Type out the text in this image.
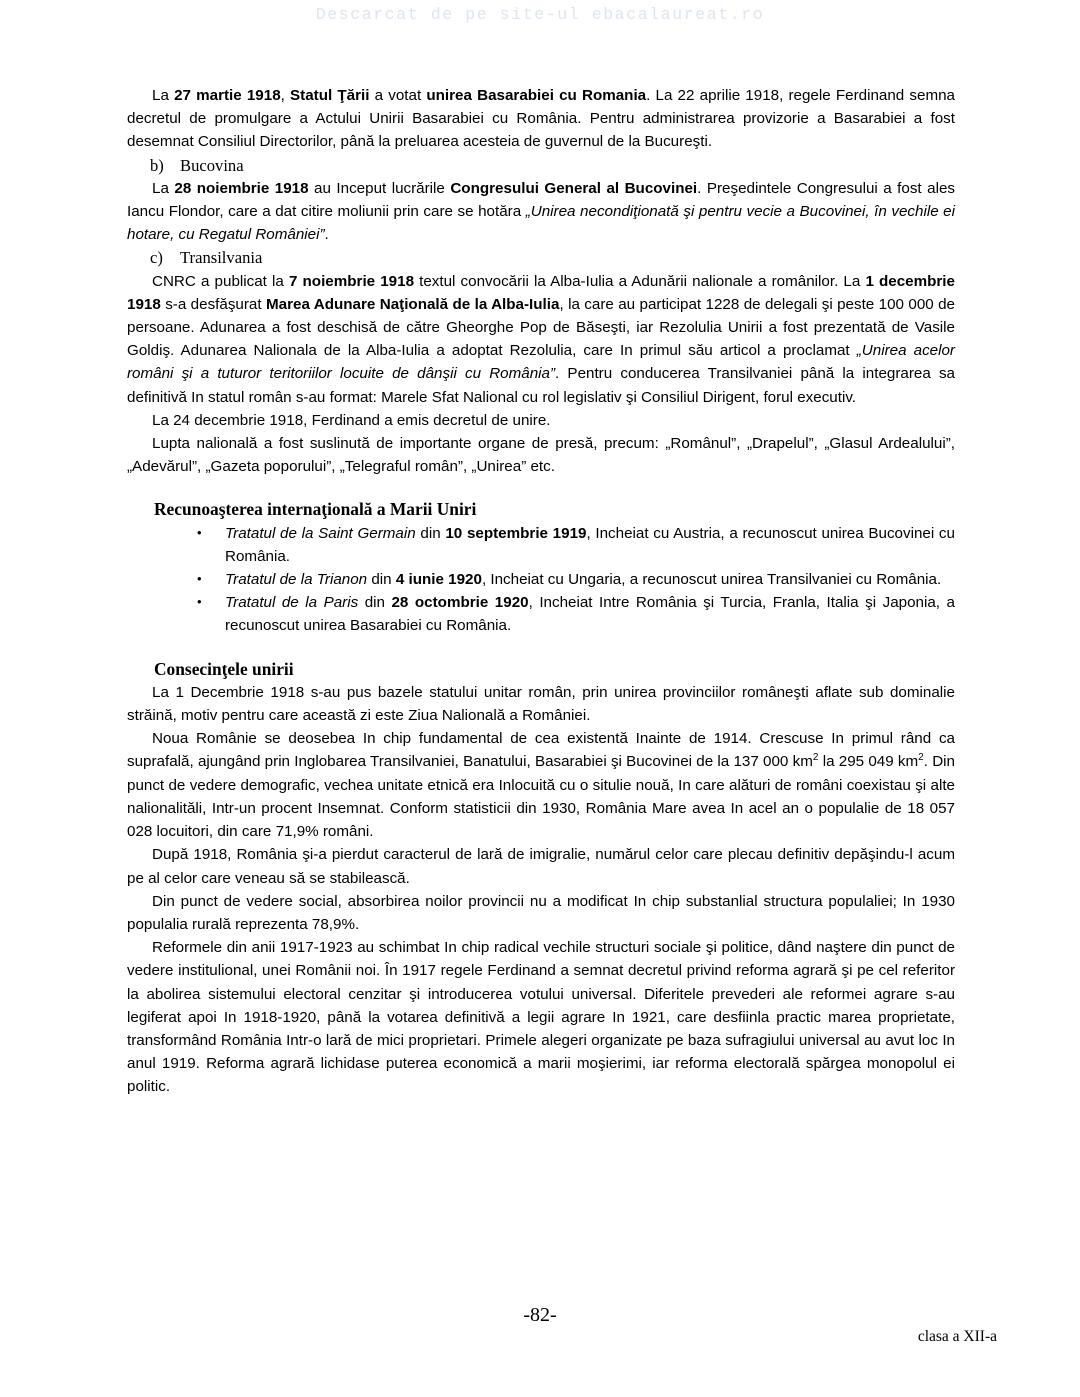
Descarcat de pe site-ul ebacalaureat.ro

La 27 martie 1918, Statul Ţării a votat unirea Basarabiei cu Romania. La 22 aprilie 1918, regele Ferdinand semna decretul de promulgare a Actului Unirii Basarabiei cu România. Pentru administrarea provizorie a Basarabiei a fost desemnat Consiliul Directorilor, până la preluarea acesteia de guvernul de la Bucureşti.

b) Bucovina

La 28 noiembrie 1918 au Inceput lucrările Congresului General al Bucovinei. Preşedintele Congresului a fost ales Iancu Flondor, care a dat citire moliunii prin care se hotăra „Unirea necondiţionată şi pentru vecie a Bucovinei, în vechile ei hotare, cu Regatul României”.

c) Transilvania

CNRC a publicat la 7 noiembrie 1918 textul convocării la Alba-Iulia a Adunării nalionale a românilor. La 1 decembrie 1918 s-a desfăşurat Marea Adunare Naţională de la Alba-Iulia, la care au participat 1228 de delegali şi peste 100 000 de persoane. Adunarea a fost deschisă de către Gheorghe Pop de Băseşti, iar Rezolulia Unirii a fost prezentată de Vasile Goldiş. Adunarea Nalionala de la Alba-Iulia a adoptat Rezolulia, care In primul său articol a proclamat „Unirea acelor români şi a tuturor teritoriilor locuite de dânşii cu România”. Pentru conducerea Transilvaniei până la integrarea sa definitivă In statul român s-au format: Marele Sfat Nalional cu rol legislativ şi Consiliul Dirigent, forul executiv.

La 24 decembrie 1918, Ferdinand a emis decretul de unire.

Lupta nalională a fost suslinută de importante organe de presă, precum: „Românul”, „Drapelul”, „Glasul Ardealului”, „Adevărul”, „Gazeta poporului”, „Telegraful român”, „Unirea” etc.

Recunoaşterea internaţională a Marii Uniri

• Tratatul de la Saint Germain din 10 septembrie 1919, Incheiat cu Austria, a recunoscut unirea Bucovinei cu România.
• Tratatul de la Trianon din 4 iunie 1920, Incheiat cu Ungaria, a recunoscut unirea Transilvaniei cu România.
• Tratatul de la Paris din 28 octombrie 1920, Incheiat Intre România şi Turcia, Franla, Italia şi Japonia, a recunoscut unirea Basarabiei cu România.

Consecinţele unirii

La 1 Decembrie 1918 s-au pus bazele statului unitar român, prin unirea provinciilor româneşti aflate sub dominalie străină, motiv pentru care această zi este Ziua Nalională a României.

Noua Românie se deosebea In chip fundamental de cea existentă Inainte de 1914. Crescuse In primul rând ca suprafală, ajungând prin Inglobarea Transilvaniei, Banatului, Basarabiei şi Bucovinei de la 137 000 $km^2$ la 295 049 $km^2$. Din punct de vedere demografic, vechea unitate etnică era Inlocuită cu o situlie nouă, In care alături de români coexistau şi alte nalionalităli, Intr-un procent Insemnat. Conform statisticii din 1930, România Mare avea In acel an o populalie de 18 057 028 locuitori, din care 71,9% români.

După 1918, România şi-a pierdut caracterul de lară de imigralie, numărul celor care plecau definitiv depăşindu-l acum pe al celor care veneau să se stabilească.

Din punct de vedere social, absorbirea noilor provincii nu a modificat In chip substanlial structura populaliei; In 1930 populalia rurală reprezenta 78,9%.

Reformele din anii 1917-1923 au schimbat In chip radical vechile structuri sociale şi politice, dând naştere din punct de vedere institulional, unei Românii noi. În 1917 regele Ferdinand a semnat decretul privind reforma agrară şi pe cel referitor la abolirea sistemului electoral cenzitar şi introducerea votului universal. Diferitele prevederi ale reformei agrare s-au legiferat apoi In 1918-1920, până la votarea definitivă a legii agrare In 1921, care desfiinla practic marea proprietate, transformând România Intr-o lară de mici proprietari. Primele alegeri organizate pe baza sufragiului universal au avut loc In anul 1919. Reforma agrară lichidase puterea economică a marii moşierimi, iar reforma electorală spărgea monopolul ei politic.

-82-
clasa a XII-a
